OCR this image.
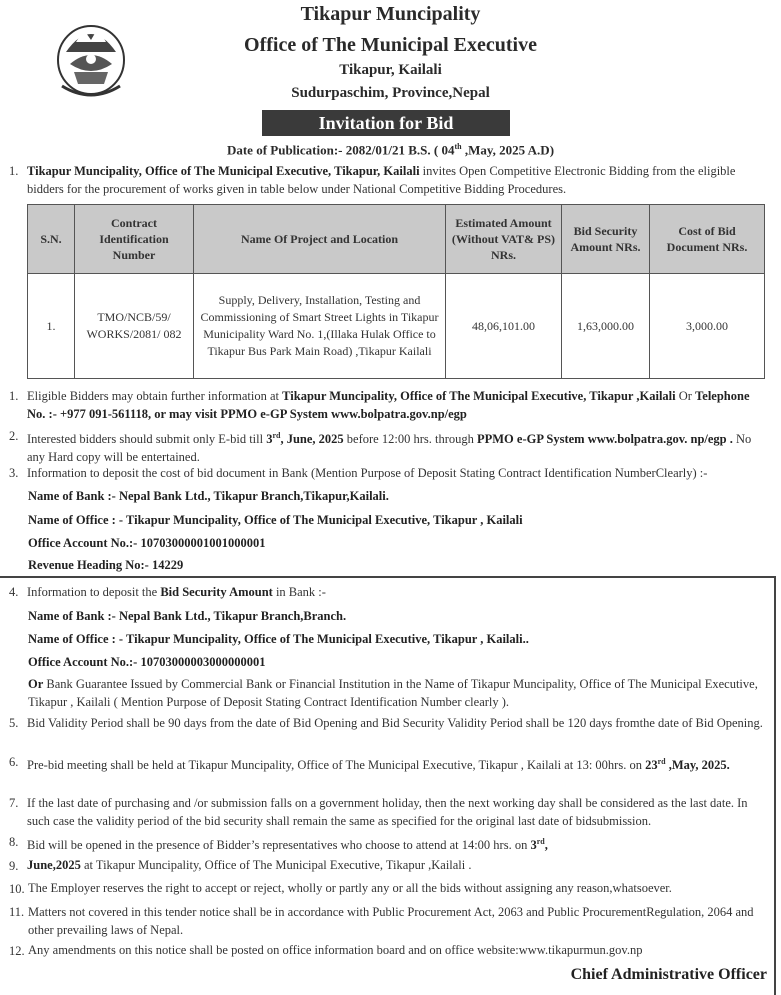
Tikapur Muncipality
Office of The Municipal Executive
Tikapur, Kailali
Sudurpaschim, Province,Nepal
Invitation for Bid
Date of Publication:- 2082/01/21 B.S. ( 04th ,May, 2025 A.D)
1. Tikapur Muncipality, Office of The Municipal Executive, Tikapur, Kailali invites Open Competitive Electronic Bidding from the eligible bidders for the procurement of works given in table below under National Competitive Bidding Procedures.
S.N.	Contract Identification Number	Name Of Project and Location	Estimated Amount (Without VAT& PS) NRs.	Bid Security Amount NRs.	Cost of Bid Document NRs.
1.	TMO/NCB/59/ WORKS/2081/ 082	Supply, Delivery, Installation, Testing and Commissioning of Smart Street Lights in Tikapur Municipality Ward No. 1,(Illaka Hulak Office to Tikapur Bus Park Main Road) ,Tikapur Kailali	48,06,101.00	1,63,000.00	3,000.00
1. Eligible Bidders may obtain further information at Tikapur Muncipality, Office of The Municipal Executive, Tikapur ,Kailali Or Telephone No. :- +977 091-561118, or may visit PPMO e-GP System www.bolpatra.gov.np/egp
2. Interested bidders should submit only E-bid till 3rd, June, 2025 before 12:00 hrs. through PPMO e-GP System www.bolpatra.gov. np/egp . No any Hard copy will be entertained.
3. Information to deposit the cost of bid document in Bank (Mention Purpose of Deposit Stating Contract Identification NumberClearly) :-
Name of Bank :- Nepal Bank Ltd., Tikapur Branch,Tikapur,Kailali.
Name of Office : - Tikapur Muncipality, Office of The Municipal Executive, Tikapur , Kailali
Office Account No.:- 10703000001001000001
Revenue Heading No:- 14229
4. Information to deposit the Bid Security Amount in Bank :-
Name of Bank :- Nepal Bank Ltd., Tikapur Branch,Branch.
Name of Office : - Tikapur Muncipality, Office of The Municipal Executive, Tikapur , Kailali..
Office Account No.:- 10703000003000000001
Or Bank Guarantee Issued by Commercial Bank or Financial Institution in the Name of Tikapur Muncipality, Office of The Municipal Executive, Tikapur , Kailali ( Mention Purpose of Deposit Stating Contract Identification Number clearly ).
5. Bid Validity Period shall be 90 days from the date of Bid Opening and Bid Security Validity Period shall be 120 days fromthe date of Bid Opening.
6. Pre-bid meeting shall be held at Tikapur Muncipality, Office of The Municipal Executive, Tikapur , Kailali at 13: 00hrs. on 23rd ,May, 2025.
7. If the last date of purchasing and /or submission falls on a government holiday, then the next working day shall be considered as the last date. In such case the validity period of the bid security shall remain the same as specified for the original last date of bidsubmission.
8. Bid will be opened in the presence of Bidder’s representatives who choose to attend at 14:00 hrs. on 3rd,
9. June,2025 at Tikapur Muncipality, Office of The Municipal Executive, Tikapur ,Kailali .
10. The Employer reserves the right to accept or reject, wholly or partly any or all the bids without assigning any reason,whatsoever.
11. Matters not covered in this tender notice shall be in accordance with Public Procurement Act, 2063 and Public ProcurementRegulation, 2064 and other prevailing laws of Nepal.
12. Any amendments on this notice shall be posted on office information board and on office website:www.tikapurmun.gov.np
Chief Administrative Officer
